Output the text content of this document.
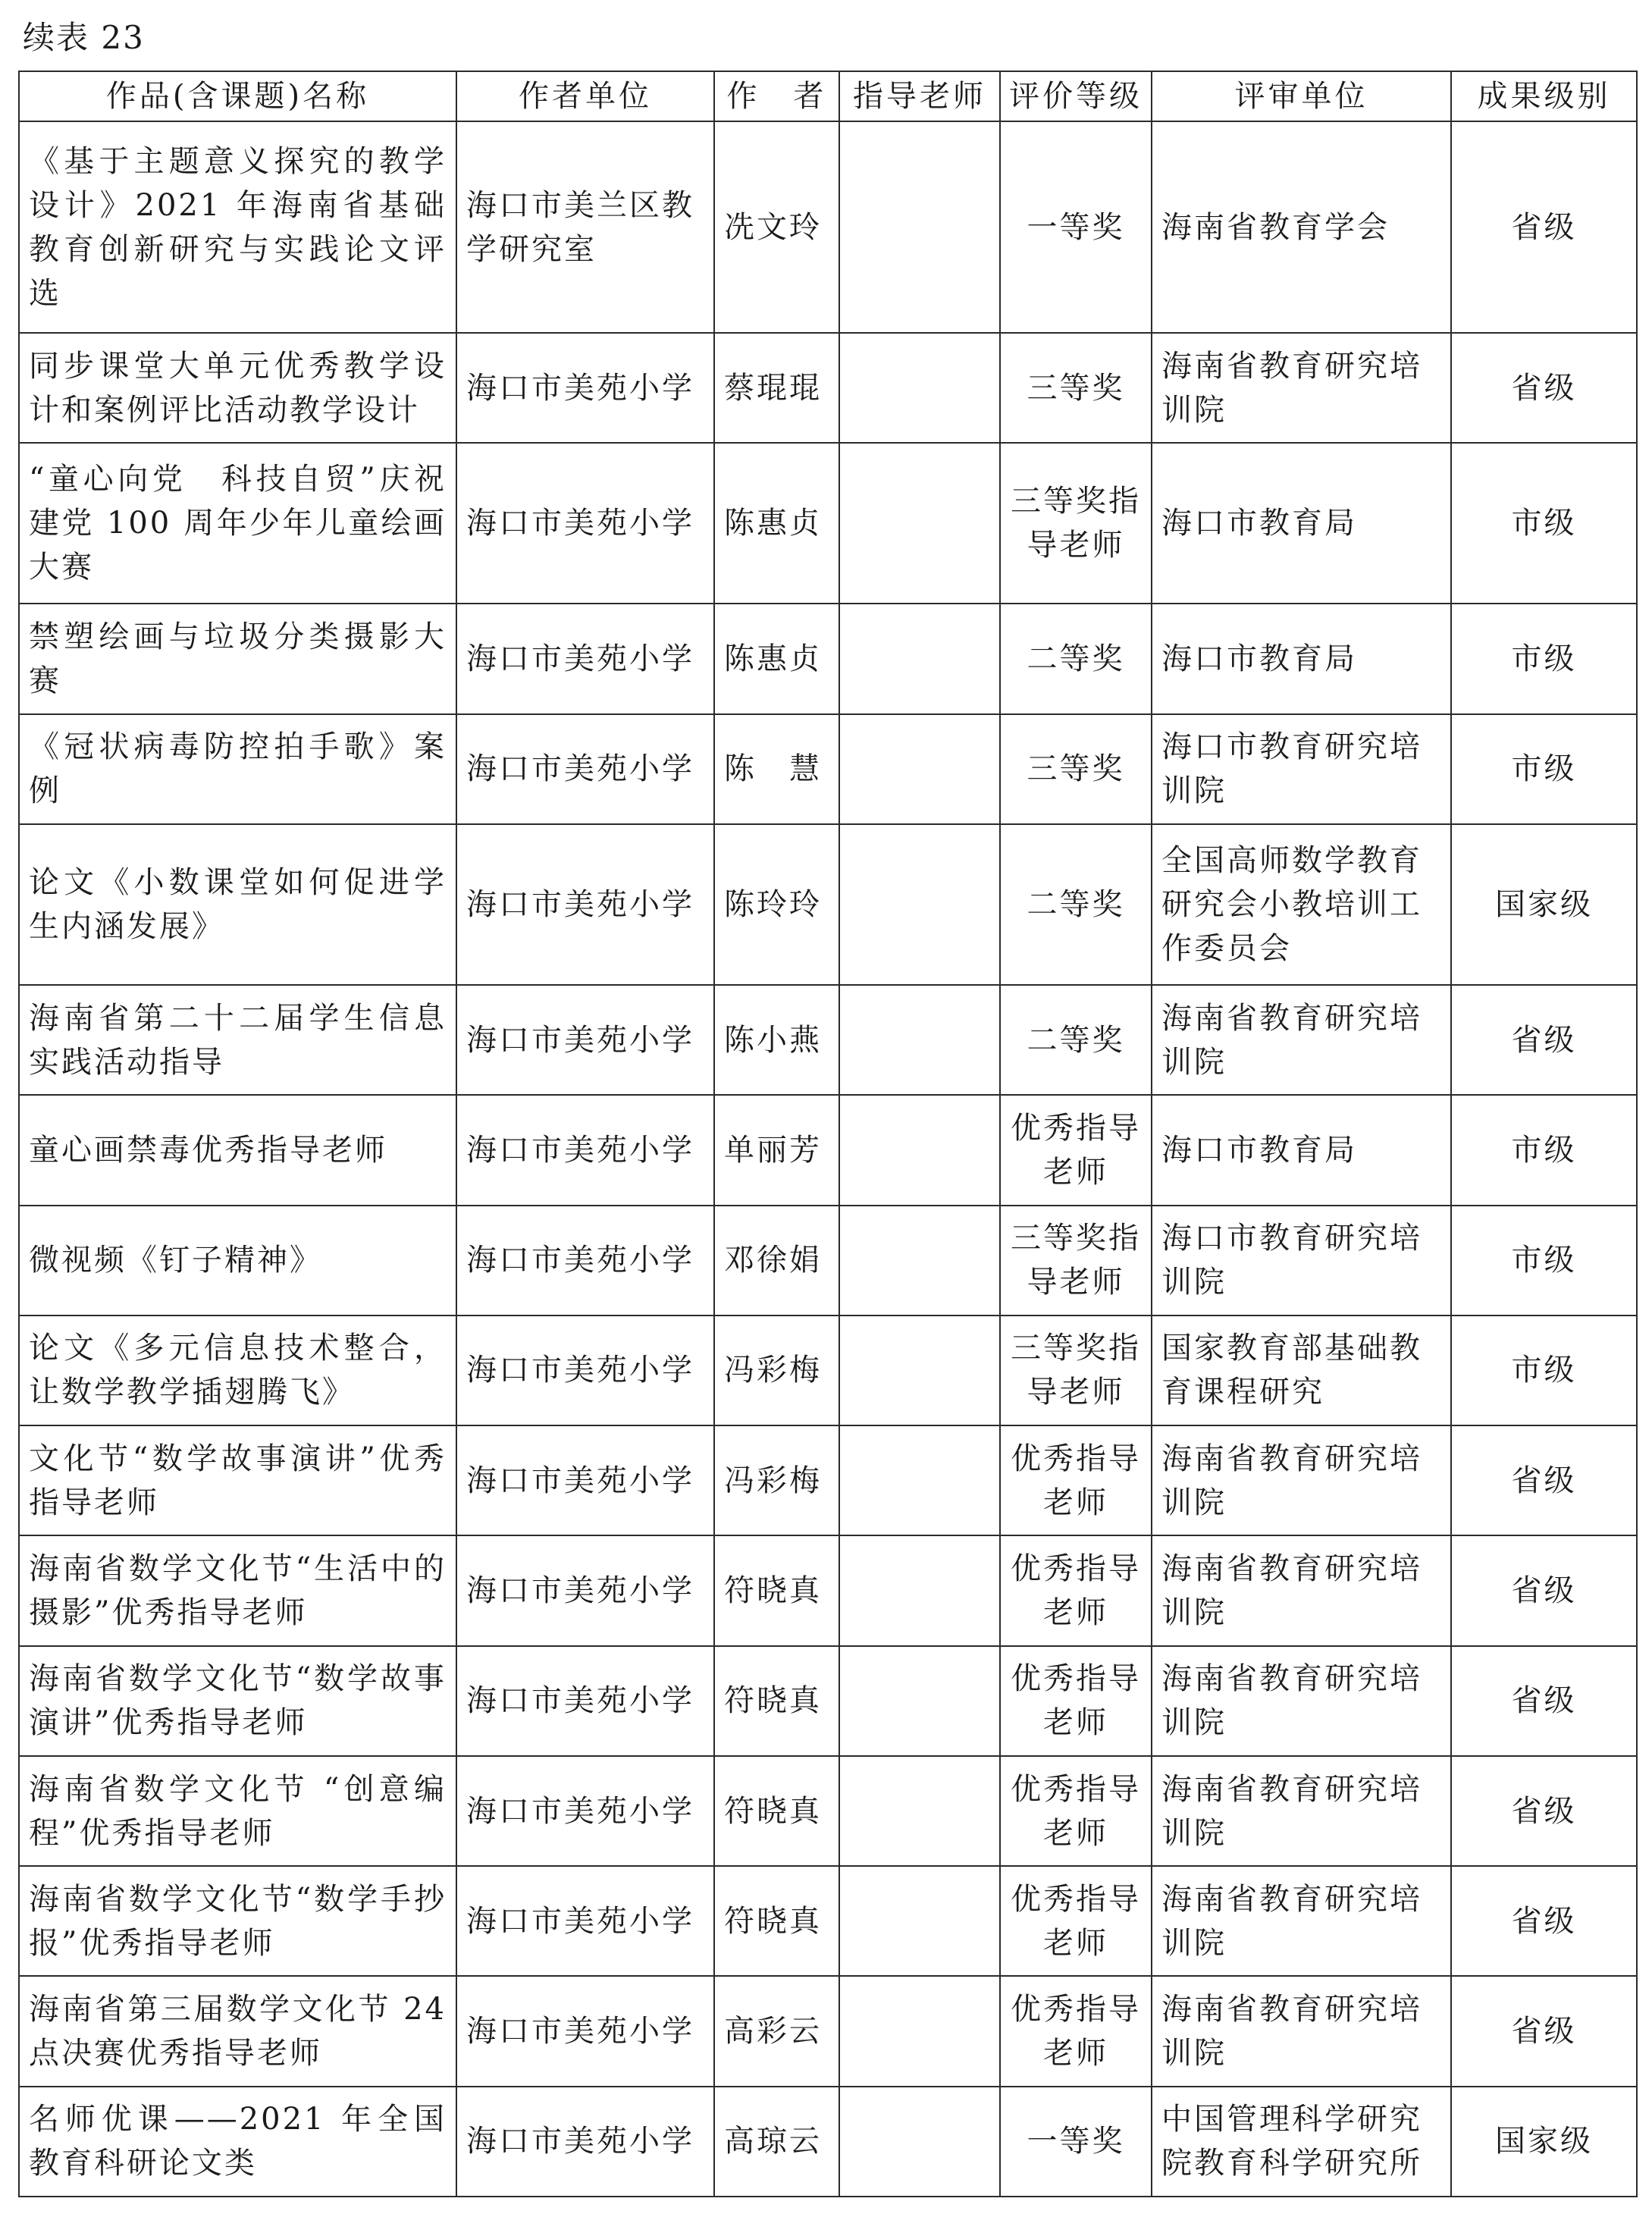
续表 23
作品(含课题)名称	作者单位	作　者	指导老师	评价等级	评审单位	成果级别
《基于主题意义探究的教学设计》2021 年海南省基础教育创新研究与实践论文评选	海口市美兰区教学研究室	冼文玲		一等奖	海南省教育学会	省级
同步课堂大单元优秀教学设计和案例评比活动教学设计	海口市美苑小学	蔡琨琨		三等奖	海南省教育研究培训院	省级
“童心向党　科技自贸”庆祝建党 100 周年少年儿童绘画大赛	海口市美苑小学	陈惠贞		三等奖指导老师	海口市教育局	市级
禁塑绘画与垃圾分类摄影大赛	海口市美苑小学	陈惠贞		二等奖	海口市教育局	市级
《冠状病毒防控拍手歌》案例	海口市美苑小学	陈　慧		三等奖	海口市教育研究培训院	市级
论文《小数课堂如何促进学生内涵发展》	海口市美苑小学	陈玲玲		二等奖	全国高师数学教育研究会小教培训工作委员会	国家级
海南省第二十二届学生信息实践活动指导	海口市美苑小学	陈小燕		二等奖	海南省教育研究培训院	省级
童心画禁毒优秀指导老师	海口市美苑小学	单丽芳		优秀指导老师	海口市教育局	市级
微视频《钉子精神》	海口市美苑小学	邓徐娟		三等奖指导老师	海口市教育研究培训院	市级
论文《多元信息技术整合，让数学教学插翅腾飞》	海口市美苑小学	冯彩梅		三等奖指导老师	国家教育部基础教育课程研究	市级
文化节“数学故事演讲”优秀指导老师	海口市美苑小学	冯彩梅		优秀指导老师	海南省教育研究培训院	省级
海南省数学文化节“生活中的摄影”优秀指导老师	海口市美苑小学	符晓真		优秀指导老师	海南省教育研究培训院	省级
海南省数学文化节“数学故事演讲”优秀指导老师	海口市美苑小学	符晓真		优秀指导老师	海南省教育研究培训院	省级
海南省数学文化节 “创意编程”优秀指导老师	海口市美苑小学	符晓真		优秀指导老师	海南省教育研究培训院	省级
海南省数学文化节“数学手抄报”优秀指导老师	海口市美苑小学	符晓真		优秀指导老师	海南省教育研究培训院	省级
海南省第三届数学文化节 24 点决赛优秀指导老师	海口市美苑小学	高彩云		优秀指导老师	海南省教育研究培训院	省级
名师优课——2021 年全国教育科研论文类	海口市美苑小学	高琼云		一等奖	中国管理科学研究院教育科学研究所	国家级
